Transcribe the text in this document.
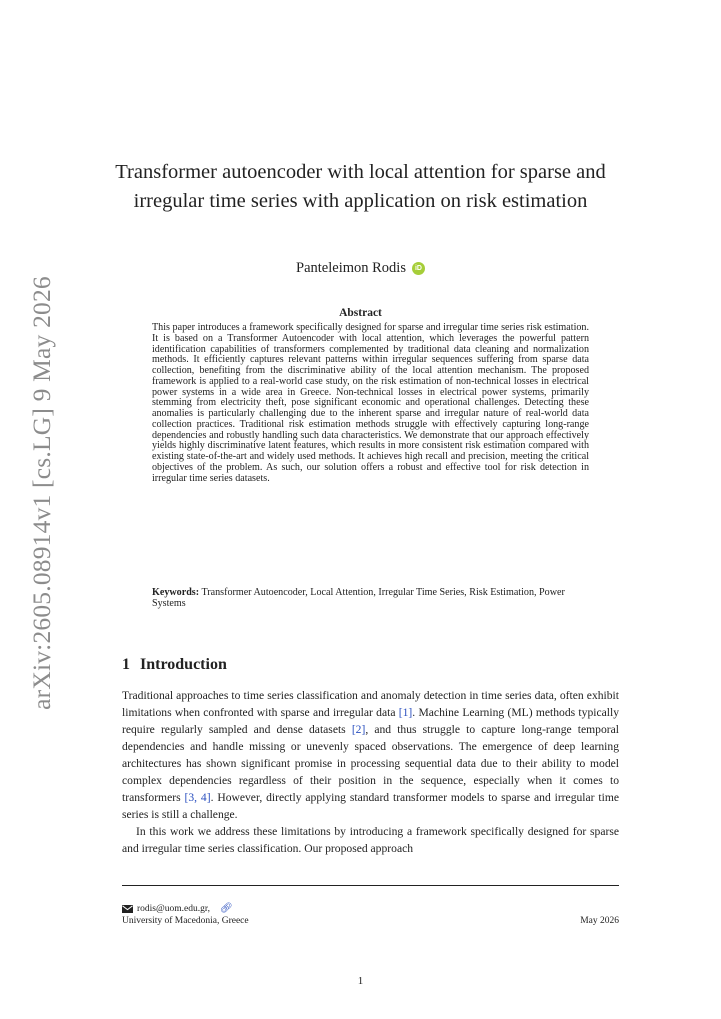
arXiv:2605.08914v1 [cs.LG] 9 May 2026
Transformer autoencoder with local attention for sparse and irregular time series with application on risk estimation
Panteleimon Rodis	iD
Abstract
This paper introduces a framework specifically designed for sparse and irregular time series risk estimation. It is based on a Transformer Autoencoder with local attention, which leverages the powerful pattern identification capabilities of transformers complemented by traditional data cleaning and normalization methods. It efficiently captures relevant patterns within irregular sequences suffering from sparse data collection, benefiting from the discriminative ability of the local attention mechanism. The proposed framework is applied to a real-world case study, on the risk estimation of non-technical losses in electrical power systems in a wide area in Greece. Non-technical losses in electrical power systems, primarily stemming from electricity theft, pose significant economic and operational challenges. Detecting these anomalies is particularly challenging due to the inherent sparse and irregular nature of real-world data collection practices. Traditional risk estimation methods struggle with effectively capturing long-range dependencies and robustly handling such data characteristics. We demonstrate that our approach effectively yields highly discriminative latent features, which results in more consistent risk estimation compared with existing state-of-the-art and widely used methods. It achieves high recall and precision, meeting the critical objectives of the problem. As such, our solution offers a robust and effective tool for risk detection in irregular time series datasets.
Keywords: Transformer Autoencoder, Local Attention, Irregular Time Series, Risk Estimation, Power Systems
1 Introduction

Traditional approaches to time series classification and anomaly detection in time series data, often exhibit limitations when confronted with sparse and irregular data [1]. Machine Learning (ML) methods typically require regularly sampled and dense datasets [2], and thus struggle to capture long-range temporal dependencies and handle missing or unevenly spaced observations. The emergence of deep learning architectures has shown significant promise in processing sequential data due to their ability to model complex dependencies regardless of their position in the sequence, especially when it comes to transformers [3, 4]. However, directly applying standard transformer models to sparse and irregular time series is still a challenge.

In this work we address these limitations by introducing a framework specifically designed for sparse and irregular time series classification. Our proposed approach

rodis@uom.edu.gr, 🔗︎
University of Macedonia, Greece	May 2026
1
